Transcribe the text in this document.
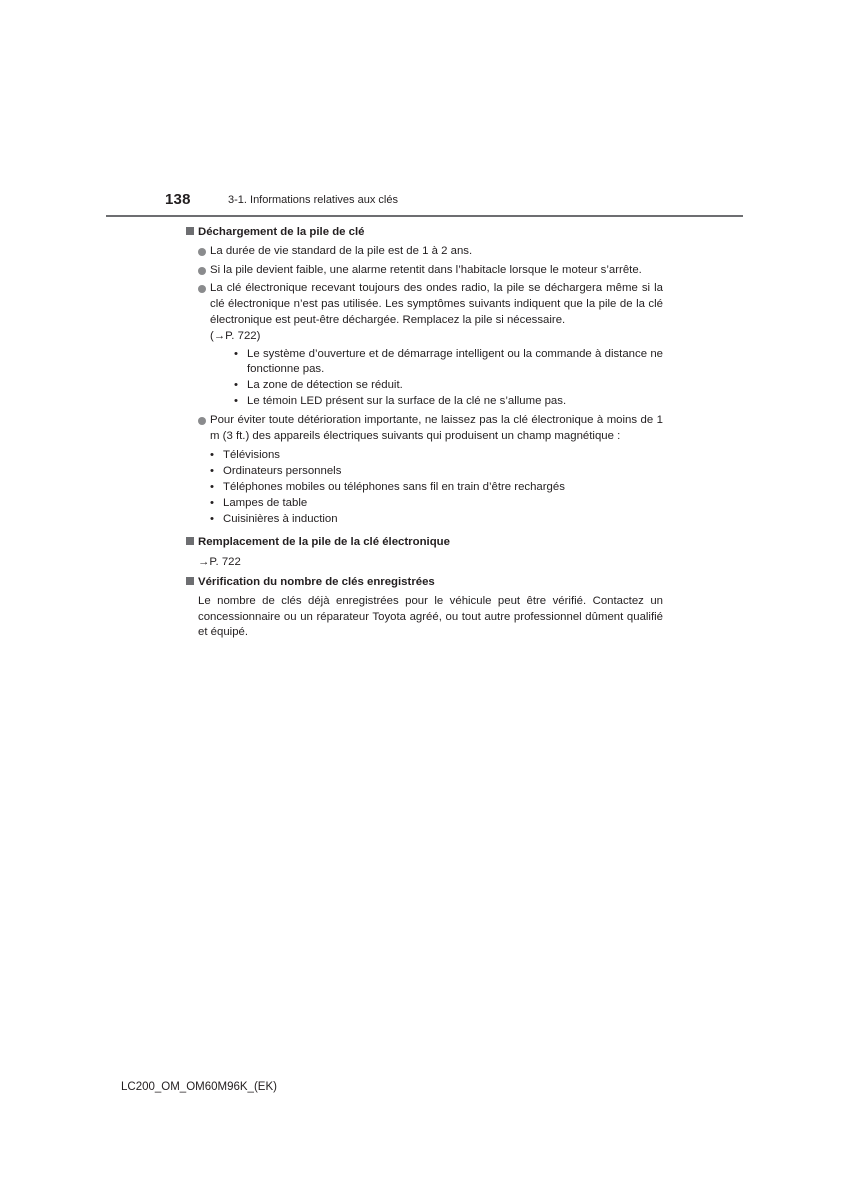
138	3-1. Informations relatives aux clés
Déchargement de la pile de clé
La durée de vie standard de la pile est de 1 à 2 ans.
Si la pile devient faible, une alarme retentit dans l’habitacle lorsque le moteur s’arrête.
La clé électronique recevant toujours des ondes radio, la pile se déchargera même si la clé électronique n’est pas utilisée. Les symptômes suivants indiquent que la pile de la clé électronique est peut-être déchargée. Remplacez la pile si nécessaire.
(→P. 722)
• Le système d’ouverture et de démarrage intelligent ou la commande à distance ne fonctionne pas.
• La zone de détection se réduit.
• Le témoin LED présent sur la surface de la clé ne s’allume pas.
Pour éviter toute détérioration importante, ne laissez pas la clé électronique à moins de 1 m (3 ft.) des appareils électriques suivants qui produisent un champ magnétique :
• Télévisions
• Ordinateurs personnels
• Téléphones mobiles ou téléphones sans fil en train d’être rechargés
• Lampes de table
• Cuisinières à induction
Remplacement de la pile de la clé électronique
→P. 722
Vérification du nombre de clés enregistrées
Le nombre de clés déjà enregistrées pour le véhicule peut être vérifié. Contactez un concessionnaire ou un réparateur Toyota agréé, ou tout autre professionnel dûment qualifié et équipé.
LC200_OM_OM60M96K_(EK)
